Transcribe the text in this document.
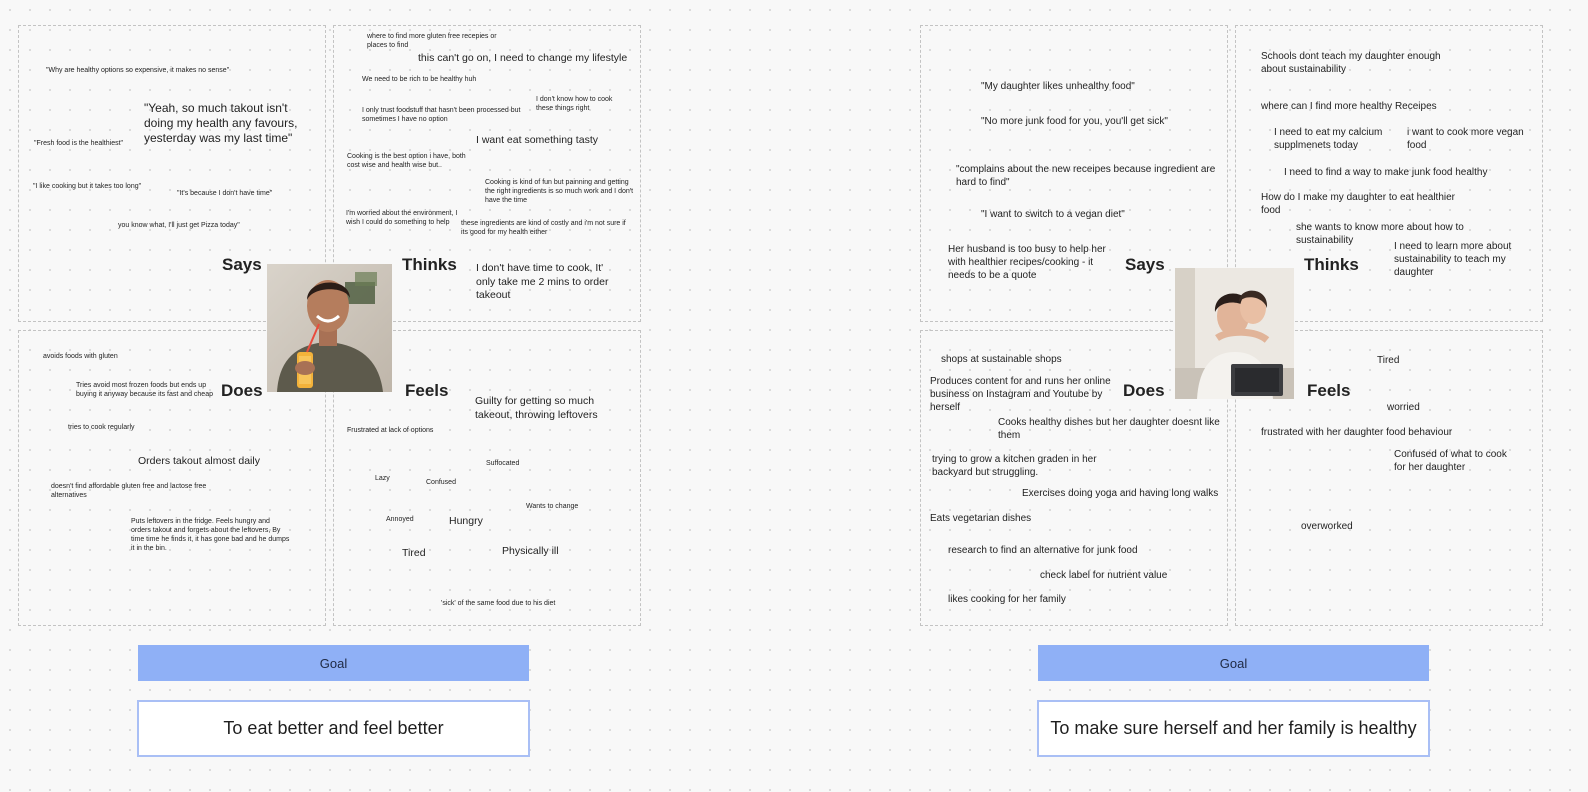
"Why are healthy options so expensive, it makes no sense"
"Yeah, so much takout isn't doing my health any favours, yesterday was my last time"
"Fresh food is the healthiest"
"I like cooking but it takes too long"
"It's because I don't have time"
you know what, I'll just get Pizza today"
Says
where to find more gluten free recepies or places to find
this can't go on, I need to change my lifestyle
We need to be rich to be healthy huh
I don't know how to cook these things right
I only trust foodstuff that hasn't been processed but sometimes I have no option
I want eat something tasty
Cooking is the best option i have, both cost wise and health wise but..
Cooking is kind of fun but painning and getting the right ingredients is so much work and I don't have the time
I'm worried about the environment, I wish I could do something to help	these ingredients are kind of costly and i'm not sure if its good for my health either
I don't have time to cook, It' only take me 2 mins to order takeout
Thinks
avoids foods with gluten
Tries avoid most frozen foods but ends up buying it anyway because its fast and cheap
tries to cook regularly
Orders takout almost daily
doesn't find affordable gluten free and lactose free alternatives
Puts leftovers in the fridge. Feels hungry and orders takout and forgets about the leftovers, By time time he finds it, it has gone bad and he dumps it in the bin.
Does
Guilty for getting so much takeout, throwing leftovers
Frustrated at lack of options
Suffocated
Lazy
Confused
Wants to change
Annoyed	Hungry
Tired	Physically ill
'sick' of the same food due to his diet
Feels
Goal
To eat better and feel better
"My daughter likes unhealthy food"
"No more junk food for you, you'll get sick"
"complains about the new receipes because ingredient are hard to find"
"I want to switch to a vegan diet"
Her husband is too busy to help her with healthier recipes/cooking - it needs to be a quote
Says
Schools dont teach my daughter enough about sustainability
where can I find more healthy Receipes
I need to eat my calcium supplmenets today
i want to cook more vegan food
I need to find a way to make junk food healthy
How do I make my daughter to eat healthier food
she wants to know more about how to sustainability
I need to learn more about sustainability to teach my daughter
Thinks
shops at sustainable shops
Produces content for and runs her online business on Instagram and Youtube by herself
Cooks healthy dishes but her daughter doesnt like them
trying to grow a kitchen graden in her backyard but struggling.
Exercises doing yoga and having long walks
Eats vegetarian dishes
research to find an alternative for junk food
check label for nutrient value
likes cooking for her family
Does
Tired
worried
frustrated with her daughter food behaviour
Confused of what to cook for her daughter
overworked
Feels
Goal
To make sure herself and her family is healthy
